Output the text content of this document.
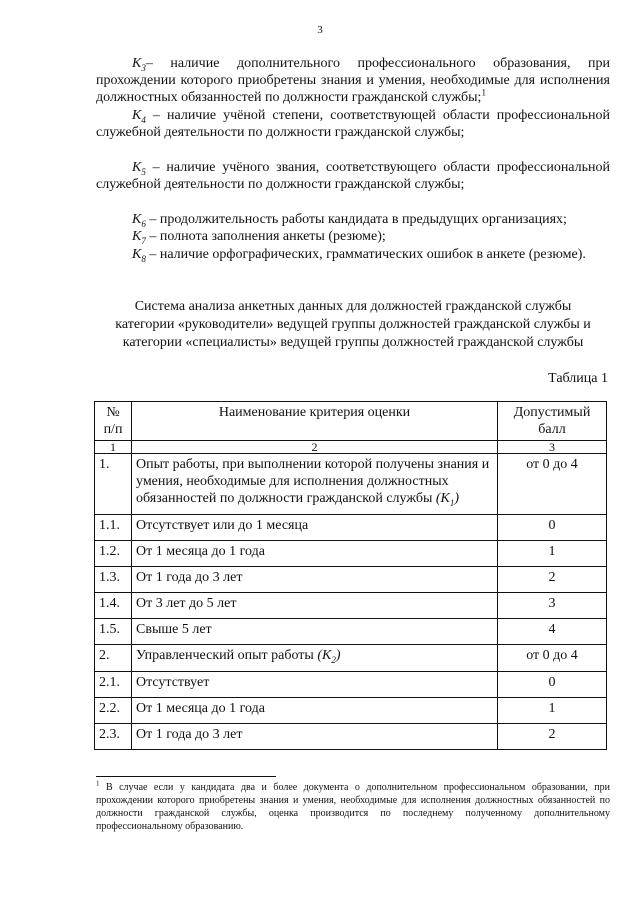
3
$K_3-$ наличие дополнительного профессионального образования, при прохождении которого приобретены знания и умения, необходимые для исполнения должностных обязанностей по должности гражданской службы;$^1$
$K_4$ – наличие учёной степени, соответствующей области профессиональной служебной деятельности по должности гражданской службы;
$K_5$ – наличие учёного звания, соответствующего области профессиональной служебной деятельности по должности гражданской службы;
$K_6$ – продолжительность работы кандидата в предыдущих организациях;
$K_7$ – полнота заполнения анкеты (резюме);
$K_8$ – наличие орфографических, грамматических ошибок в анкете (резюме).
Система анализа анкетных данных для должностей гражданской службы
категории «руководители» ведущей группы должностей гражданской службы и
категории «специалисты» ведущей группы должностей гражданской службы
Таблица 1
№ п/п	Наименование критерия оценки	Допустимый балл
1	2	3
1.	Опыт работы, при выполнении которой получены знания и умения, необходимые для исполнения должностных обязанностей по должности гражданской службы $(K_1)$	от 0 до 4
1.1.	Отсутствует или до 1 месяца	0
1.2.	От 1 месяца до 1 года	1
1.3.	От 1 года до 3 лет	2
1.4.	От 3 лет до 5 лет	3
1.5.	Свыше 5 лет	4
2.	Управленческий опыт работы $(K_2)$	от 0 до 4
2.1.	Отсутствует	0
2.2.	От 1 месяца до 1 года	1
2.3.	От 1 года до 3 лет	2
$^1$ В случае если у кандидата два и более документа о дополнительном профессиональном образовании, при прохождении которого приобретены знания и умения, необходимые для исполнения должностных обязанностей по должности гражданской службы, оценка производится по последнему полученному дополнительному профессиональному образованию.
